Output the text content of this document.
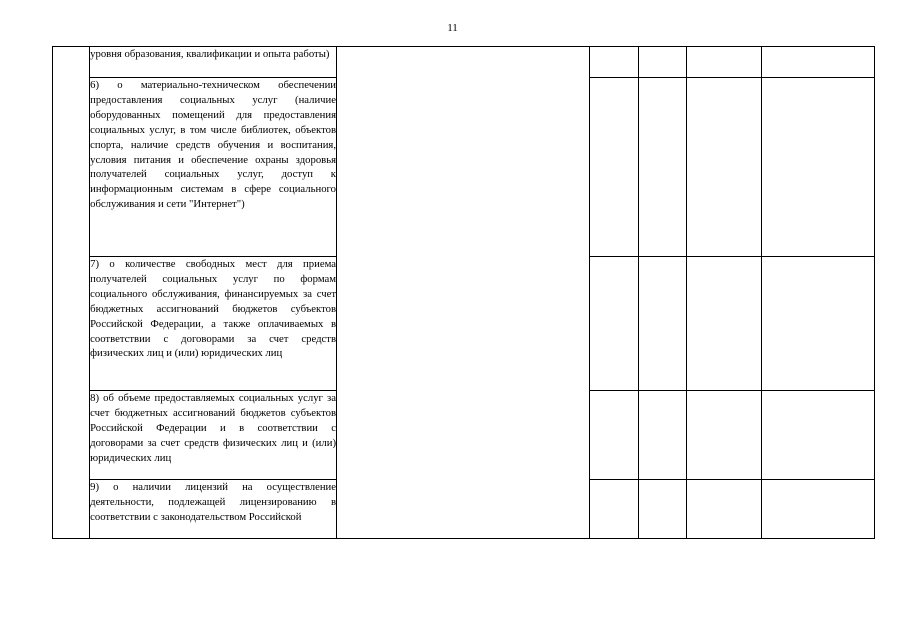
11

	уровня образования, квалификации и опыта работы)					

	6) о материально-техническом обеспечении предоставления социальных услуг (наличие оборудованных помещений для предоставления социальных услуг, в том числе библиотек, объектов спорта, наличие средств обучения и воспитания, условия питания и обеспечение охраны здоровья получателей социальных услуг, доступ к информационным системам в сфере социального обслуживания и сети "Интернет")					

	7) о количестве свободных мест для приема получателей социальных услуг по формам социального обслуживания, финансируемых за счет бюджетных ассигнований бюджетов субъектов Российской Федерации, а также оплачиваемых в соответствии с договорами за счет средств физических лиц и (или) юридических лиц					

	8) об объеме предоставляемых социальных услуг за счет бюджетных ассигнований бюджетов субъектов Российской Федерации и в соответствии с договорами за счет средств физических лиц и (или) юридических лиц					

	9) о наличии лицензий на осуществление деятельности, подлежащей лицензированию в соответствии с законодательством Российской					
